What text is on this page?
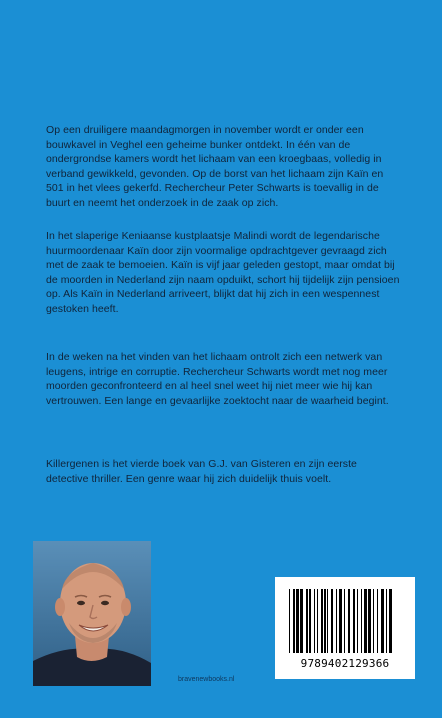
Op een druiligere maandagmorgen in november wordt er onder een bouwkavel in Veghel een geheime bunker ontdekt. In één van de ondergrondse kamers wordt het lichaam van een kroegbaas, volledig in verband gewikkeld, gevonden. Op de borst van het lichaam zijn Kaïn en 501 in het vlees gekerfd. Rechercheur Peter Schwarts is toevallig in de buurt en neemt het onderzoek in de zaak op zich.

In het slaperige Keniaanse kustplaatsje Malindi wordt de legendarische huurmoordenaar Kaïn door zijn voormalige opdrachtgever gevraagd zich met de zaak te bemoeien. Kaïn is vijf jaar geleden gestopt, maar omdat bij de moorden in Nederland zijn naam opduikt, schort hij tijdelijk zijn pensioen op. Als Kaïn in Nederland arriveert, blijkt dat hij zich in een wespennest gestoken heeft.

In de weken na het vinden van het lichaam ontrolt zich een netwerk van leugens, intrige en corruptie. Rechercheur Schwarts wordt met nog meer moorden geconfronteerd en al heel snel weet hij niet meer wie hij kan vertrouwen. Een lange en gevaarlijke zoektocht naar de waarheid begint.

Killergenen is het vierde boek van G.J. van Gisteren en zijn eerste detective thriller. Een genre waar hij zich duidelijk thuis voelt.

bravenewbooks.nl
9789402129366
